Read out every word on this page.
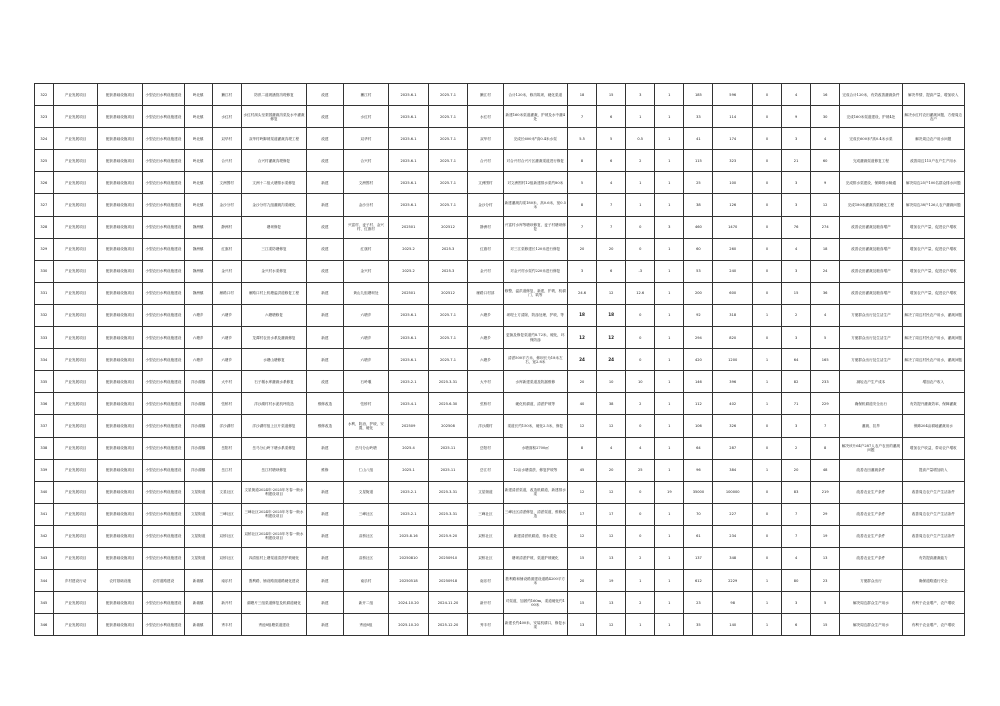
322	产业发展项目	配套基础设施项目	小型农田水利设施建设	岭北镇	獭江村	防汛二道坡涵管沟堤修复	改建	獭江村	2025.6.1	2025.7.1	獭江村	合计120米，修沟筑坝，硬化渠道	18	15	3	1	185	596	0	4	16	完成合计120米，有效改善灌溉条件	解决旱情，提高产量，增加收入
323	产业发展项目	配套基础设施项目	小型农田水利设施建设	岭北镇	水红村	水红村洞头至梨园灌溉沟渠及水中灌溉修复	改建	水红村	2025.6.1	2025.7.1	水红村	新建160米渠道灌溉，护坡及水中灌4处	7	6	1	1	33	114	0	9	30	完成160米渠道建设，护坡4处	解决水红村农田灌溉问题，方便周边农户
324	产业发展项目	配套基础设施项目	小型农田水利设施建设	岭北镇	双华村	双华村岭脚坡渠道灌溉沟堤工程	改建	双华村	2025.6.1	2025.7.1	双华村	完成长600米*高0.4米水渠	5.5	5	0.5	1	41	174	0	3	4	完成长600米*高0.4米水渠	解决周边农户用水问题
325	产业发展项目	配套基础设施项目	小型农田水利设施建设	岭北镇	合兴村	合兴村灌溉沟堤修复	改建	合兴村	2025.6.1	2025.7.1	合兴村	对合兴村合兴片区灌溉渠道进行修复	8	6	2	1	115	323	0	21	60	完成灌溉渠道修复工程	改善周边115户农户生产用水
326	产业发展项目	配套基础设施项目	小型农田水利设施建设	岭北镇	文洲围村	文洲十二组大塘排水渠修复	新建	文洲围村	2025.6.1	2025.7.1	文洲围村	对文洲围村12组新建排水渠约80米	5	4	1	1	25	100	0	3	9	完成排水渠建设，保障排水畅通	解决周边25户100名群众排水问题
327	产业发展项目	配套基础设施项目	小型农田水利设施建设	岭北镇	金沙分村	金沙分村九组灌溉沟渠硬化	新建	金沙分村	2025.6.1	2025.7.1	金沙分村	新建灌溉沟渠180米，高0.6米，宽0.5米	8	7	1	1	38	126	0	3	12	完成180米灌溉沟渠硬化工程	解决周边38户126人农户灌溉问题
328	产业发展项目	配套基础设施项目	小型农田水利设施建设	静洲镇	静洲村	塘坝修复	改建	兴富村、麦子村、金兴村、红旗村	202501	202512	静洲村	兴富村水库等塘坝修复，麦子村塘坝修复	7	7	0	3	460	1470	0	76	274	改善农田灌溉及粮食增产	增加农户产量，促进农户增收
329	产业发展项目	配套基础设施项目	小型农田水利设施建设	静洲镇	红旗村	三江渠防塘修复	改建	红旗村	2025.2	2025.3	红旗村	对三江渠修建长120米进行修复	20	20	0	1	60	260	0	4	18	改善农田灌溉及粮食增产	增加农户产量，促进农户增收
330	产业发展项目	配套基础设施项目	小型农田水利设施建设	静洲镇	金兴村	金兴村水渠修复	改建	金兴村	2025.2	2025.3	金兴村	对金兴村水渠约220米进行修复	3	6	-3	1	53	240	0	3	24	改善农田灌溉及粮食增产	增加农户产量，促进农户增收
331	产业发展项目	配套基础设施项目	小型农田水利设施建设	静洲镇	雁路口村	雁路口村上机塘溢洪道修复工程	新建	黄山九组塘坝处	202501	202512	雁路口村部	修整，溢洪道修复，新建，护坡，机耕门，筑等	24.6	12	12.6	1	200	600	0	15	36	改善农田灌溉及粮食增产	增加农户产量，促进农户增收
332	产业发展项目	配套基础设施项目	小型农田水利设施建设	六塘乡	六塘乡	六塘塘修复	新建	六塘乡	2025.6.1	2025.7.1	六塘乡	坝堤土方清除，防渗处理，护坡，等	18	18	0	1	92	318	1	2	4	方便群众出行及生活生产	解决了周边村民农户用水，灌溉问题
333	产业发展项目	配套基础设施项目	小型农田水利设施建设	六塘乡	六塘乡	龙潭村农田水系及灌溉修复	新建	六塘乡	2025.6.1	2025.7.1	六塘乡	更换及修复渠道约8.72米，硬化，环保防渗	12	12	0	1	294	820	0	3	5	方便群众出行及生活生产	解决了周边村民农户用水，灌溉问题
334	产业发展项目	配套基础设施项目	小型农田水利设施建设	六塘乡	六塘乡	水塘山塘修复	新建	六塘乡	2025.6.1	2025.7.1	六塘乡	清淤500平方米，修坝长为18米左右，宽2.8米	24	24	0	1	420	1200	1	64	165	方便群众出行及生活生产	解决了周边村民农户用水，灌溉问题
335	产业发展项目	配套基础设施项目	小型农田水利设施建设	洋沙湖镇	大中村	石子堰水库灌溉水系修复	改建	石岭堰	2025.2.1	2025.3.31	大中村	水库新建渠道及防漏维修	20	10	10	1	146	396	1	82	233	减轻农户生产成本	增加农户收入
336	产业发展项目	配套基础设施项目	小型农田水利设施建设	洋沙湖镇	弦桥村	洋沙湖村村水泥机坪改造	维修改造	弦桥村	2025.4.1	2025.6.30	弦桥村	硬化机耕道，清淤护坡等	40	38	2	1	112	402	1	71	229	确保机耕道安全出行	有效提升灌溉效率，保障灌溉
337	产业发展项目	配套基础设施项目	小型农田水利设施建设	洋沙湖镇	洋沙湖村	洋沙湖村组上区片渠道修复	维修改造	水利，防治，护坡，安置，硬化	202509	202508	洋沙湖村	渠道长约150米，硬化2.5米，修复	12	12	0	1	106	326	0	3	7	灌溉、抗旱	保障204亩耕地灌溉用水
338	产业发展项目	配套基础设施项目	小型农田水利设施建设	洋沙湖镇	岳阳村	岳马分山岭下塘水系渠修复	新建	岳马分山岭塘	2025.4	2025.11	岳阳村	水塘面积2700㎡	8	4	4	1	64	287	0	2	8	解决该片64户287人农户农田的灌溉问题	增加农户收益，带动农户增收
339	产业发展项目	配套基础设施项目	小型农田水利设施建设	洋沙湖镇	岳江村	岳江村塘坝修复	维修	仁山八组	2025.1	2025.11	岳江村	12亩水塘清淤、修复护坡等	45	20	25	1	96	384	1	20	48	改善农田灌溉条件	提高产量增加收入
340	产业发展项目	配套基础设施项目	小型农田水利设施建设	文星街道	文星社区	文星街道2024年-2025年冬春一般水利建设项目	新建	文星街道	2025.2.1	2025.3.31	文星街道	新建清淤渠道，改造机耕道，新建排水渠	12	12	0	19	35000	100000	0	83	219	改善农业生产条件	改善周边农户生产生活条件
341	产业发展项目	配套基础设施项目	小型农田水利设施建设	文星街道	三峰社区	三峰社区2024年-2025年冬春一般水利建设项目	新建	三峰社区	2025.2.1	2025.3.31	三峰社区	三峰社区清淤修复，清淤渠道，维修改造	17	17	0	1	70	227	0	7	29	改善农业生产条件	改善周边农户生产生活条件
342	产业发展项目	配套基础设施项目	小型农田水利设施建设	文星街道	双桥社区	双桥社区2024年-2025年冬春一般水利建设项目	新建	双桥社区	2025.8.16	2025.9.20	双桥社区	新建清淤机耕道，排水渠处	12	12	0	1	61	234	0	7	19	改善农业生产条件	改善周边农户生产生活条件
343	产业发展项目	配套基础设施项目	小型农田水利设施建设	文星街道	双桥社区	四清组村上塘渠道清淤护坡硬化	新建	双桥社区	20250810	20250910	双桥社区	塘坝清淤护坡，渠道护坡硬化	15	13	2	1	137	348	0	4	13	改善农业生产条件	有效提高灌溉能力
344	乡村建设行动	农村基础设施	农村道路建设	新墙镇	南乐村	胜利路、铺设路面道路硬化建设	新建	南乐村	20250518	20250918	南乐村	胜利路和铺设路面建设道路4200平方米	20	19	1	1	612	2229	1	80	23	方便群众出行	确保道路通行安全
345	产业发展项目	配套基础设施项目	小型农田水利设施建设	新墙镇	新开村	湖塘片三组渠道修复及机耕道硬化	新建	新开二组	2024.10.20	2024.11.20	新开村	对渠道，加固约160m，渠道硬化约100米	15	13	2	1	23	98	1	3	5	解决周边群众生产用水	有利于农业增产，农户增收
346	产业发展项目	配套基础设施项目	小型农田水利设施建设	新墙镇	秀丰村	秀池8组塘渠道建设	新建	秀池8组	2025.10.20	2025.12.20	秀丰村	新建长约400米，安装机耕口，修复水渠	13	12	1	1	35	140	1	6	15	解决周边群众生产用水	有利于农业增产，农户增收
